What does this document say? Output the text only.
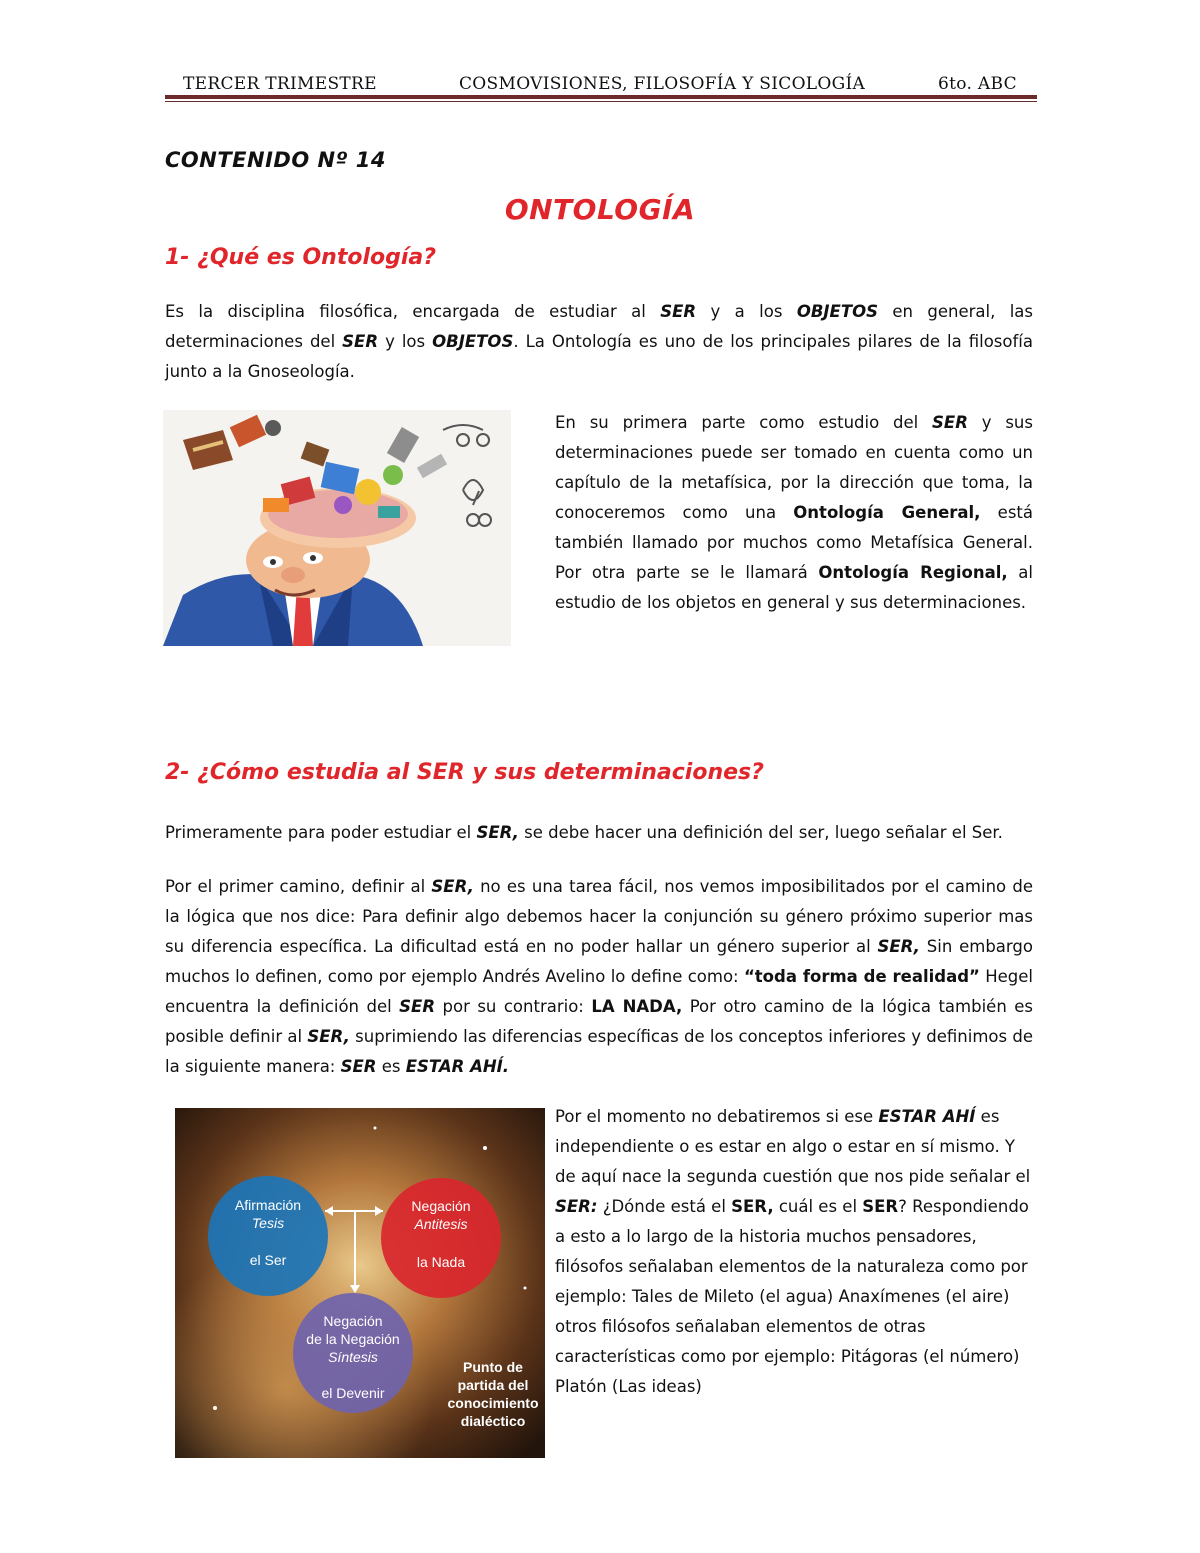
TERCER TRIMESTRE	COSMOVISIONES, FILOSOFÍA Y SICOLOGÍA	6to. ABC
CONTENIDO Nº 14
ONTOLOGÍA
1- ¿Qué es Ontología?

Es la disciplina filosófica, encargada de estudiar al SER y a los OBJETOS en general, las determinaciones del SER y los OBJETOS. La Ontología es uno de los principales pilares de la filosofía junto a la Gnoseología.

En su primera parte como estudio del SER y sus determinaciones puede ser tomado en cuenta como un capítulo de la metafísica, por la dirección que toma, la conoceremos como una Ontología General, está también llamado por muchos como Metafísica General. Por otra parte se le llamará Ontología Regional, al estudio de los objetos en general y sus determinaciones.

2- ¿Cómo estudia al SER y sus determinaciones?

Primeramente para poder estudiar el SER, se debe hacer una definición del ser, luego señalar el Ser.

Por el primer camino, definir al SER, no es una tarea fácil, nos vemos imposibilitados por el camino de la lógica que nos dice: Para definir algo debemos hacer la conjunción su género próximo superior mas su diferencia específica. La dificultad está en no poder hallar un género superior al SER, Sin embargo muchos lo definen, como por ejemplo Andrés Avelino lo define como: “toda forma de realidad” Hegel encuentra la definición del SER por su contrario: LA NADA, Por otro camino de la lógica también es posible definir al SER, suprimiendo las diferencias específicas de los conceptos inferiores y definimos de la siguiente manera: SER es ESTAR AHÍ.

Afirmación
Tesis
el Ser
Negación
Antitesis
la Nada
Negación
de la Negación
Síntesis
el Devenir
Punto de
partida del
conocimiento
dialéctico

Por el momento no debatiremos si ese ESTAR AHÍ es independiente o es estar en algo o estar en sí mismo. Y de aquí nace la segunda cuestión que nos pide señalar el SER: ¿Dónde está el SER, cuál es el SER? Respondiendo a esto a lo largo de la historia muchos pensadores, filósofos señalaban elementos de la naturaleza como por ejemplo: Tales de Mileto (el agua) Anaxímenes (el aire) otros filósofos señalaban elementos de otras características como por ejemplo: Pitágoras (el número) Platón (Las ideas)
